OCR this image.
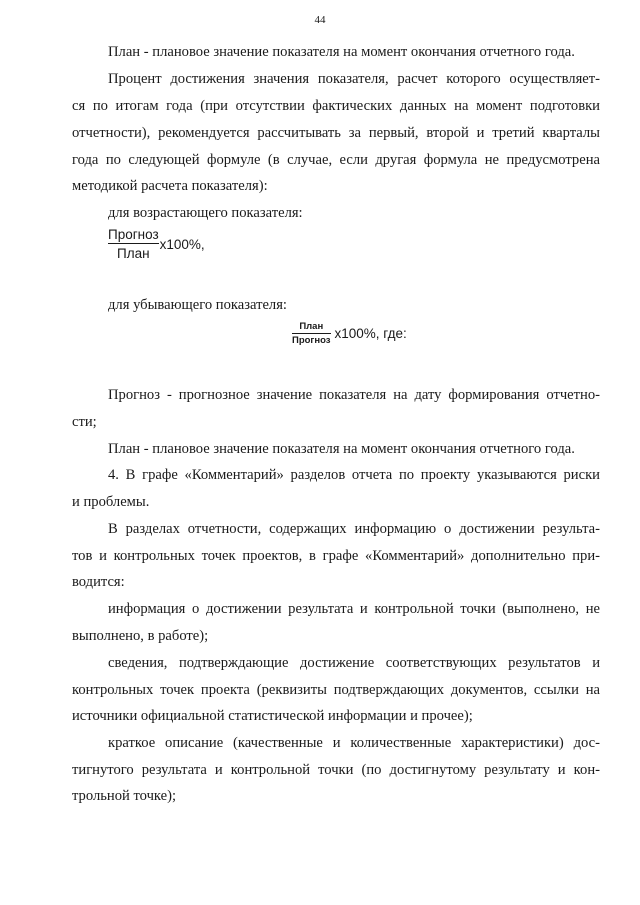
44
План - плановое значение показателя на момент окончания отчетного года.
Процент достижения значения показателя, расчет которого осуществляет-
ся по итогам года (при отсутствии фактических данных на момент подготовки
отчетности), рекомендуется рассчитывать за первый, второй и третий кварталы
года по следующей формуле (в случае, если другая формула не предусмотрена
методикой расчета показателя):
для возрастающего показателя:
$\frac{\text{Прогноз}}{\text{План}} x100\%$,
для убывающего показателя:
$\frac{\text{План}}{\text{Прогноз}} x100\%$, где:
Прогноз - прогнозное значение показателя на дату формирования отчетно-
сти;
План - плановое значение показателя на момент окончания отчетного года.
4. В графе «Комментарий» разделов отчета по проекту указываются риски
и проблемы.
В разделах отчетности, содержащих информацию о достижении результа-
тов и контрольных точек проектов, в графе «Комментарий» дополнительно при-
водится:
информация о достижении результата и контрольной точки (выполнено, не
выполнено, в работе);
сведения, подтверждающие достижение соответствующих результатов и
контрольных точек проекта (реквизиты подтверждающих документов, ссылки на
источники официальной статистической информации и прочее);
краткое описание (качественные и количественные характеристики) дос-
тигнутого результата и контрольной точки (по достигнутому результату и кон-
трольной точке);
